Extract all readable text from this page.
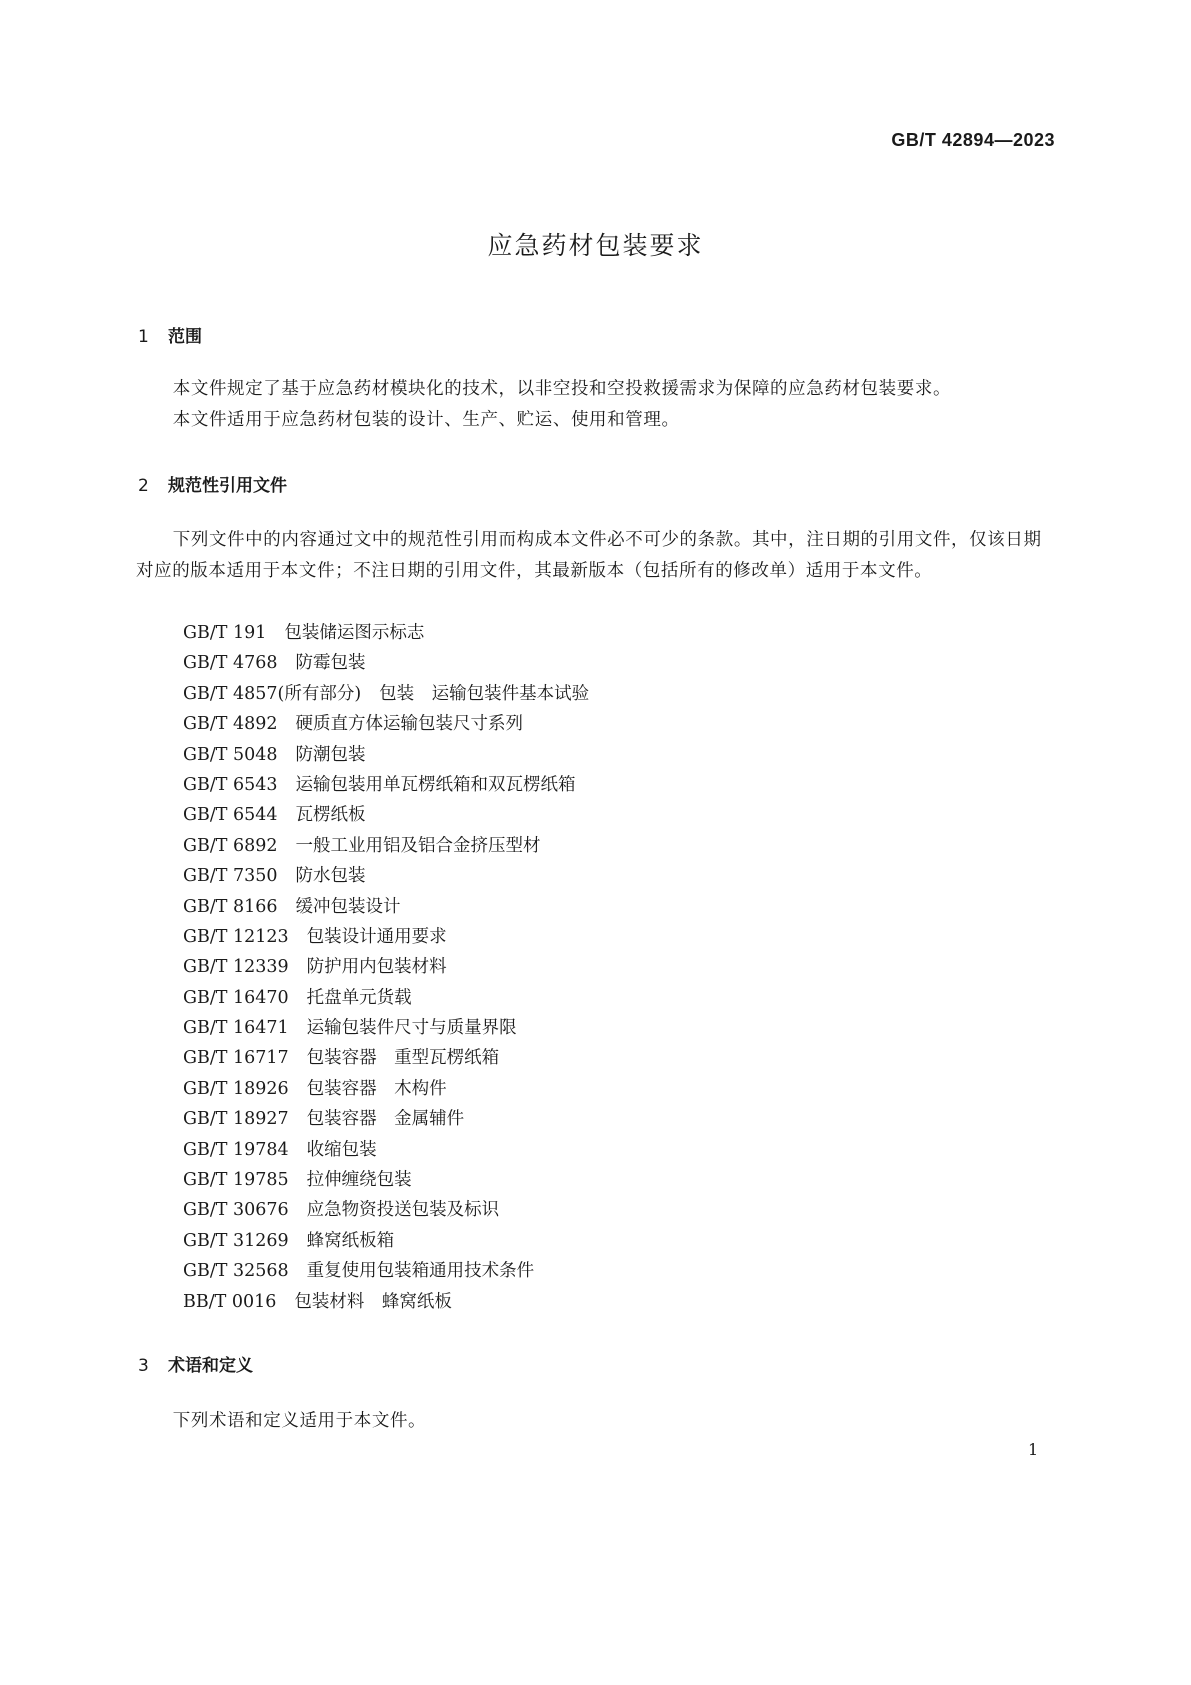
GB/T 42894—2023
应急药材包装要求
1 范围

本文件规定了基于应急药材模块化的技术，以非空投和空投救援需求为保障的应急药材包装要求。

本文件适用于应急药材包装的设计、生产、贮运、使用和管理。

2 规范性引用文件

下列文件中的内容通过文中的规范性引用而构成本文件必不可少的条款。其中，注日期的引用文件，仅该日期对应的版本适用于本文件；不注日期的引用文件，其最新版本（包括所有的修改单）适用于本文件。

GB/T 191 包装储运图示标志
GB/T 4768 防霉包装
GB/T 4857(所有部分) 包装　运输包装件基本试验
GB/T 4892 硬质直方体运输包装尺寸系列
GB/T 5048 防潮包装
GB/T 6543 运输包装用单瓦楞纸箱和双瓦楞纸箱
GB/T 6544 瓦楞纸板
GB/T 6892 一般工业用铝及铝合金挤压型材
GB/T 7350 防水包装
GB/T 8166 缓冲包装设计
GB/T 12123 包装设计通用要求
GB/T 12339 防护用内包装材料
GB/T 16470 托盘单元货载
GB/T 16471 运输包装件尺寸与质量界限
GB/T 16717 包装容器　重型瓦楞纸箱
GB/T 18926 包装容器　木构件
GB/T 18927 包装容器　金属辅件
GB/T 19784 收缩包装
GB/T 19785 拉伸缠绕包装
GB/T 30676 应急物资投送包装及标识
GB/T 31269 蜂窝纸板箱
GB/T 32568 重复使用包装箱通用技术条件
BB/T 0016 包装材料　蜂窝纸板
3 术语和定义

下列术语和定义适用于本文件。

1
